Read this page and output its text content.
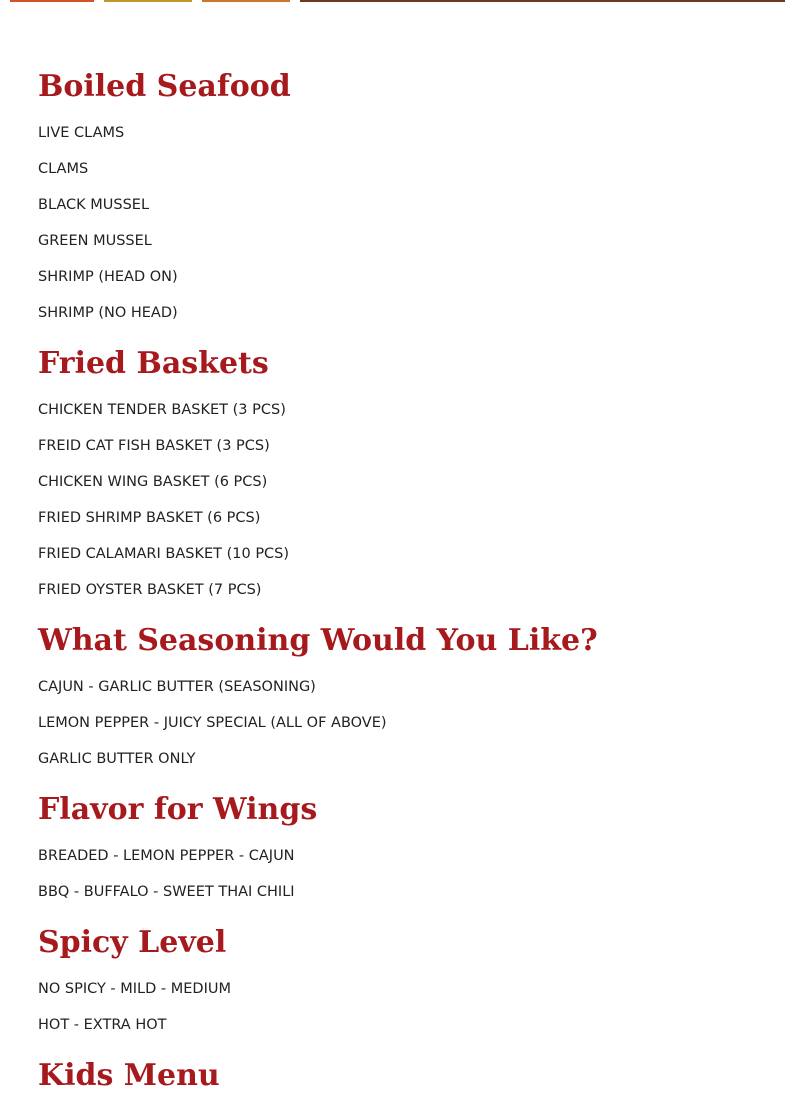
Boiled Seafood
LIVE CLAMS
CLAMS
BLACK MUSSEL
GREEN MUSSEL
SHRIMP (HEAD ON)
SHRIMP (NO HEAD)
Fried Baskets
CHICKEN TENDER BASKET (3 PCS)
FREID CAT FISH BASKET (3 PCS)
CHICKEN WING BASKET (6 PCS)
FRIED SHRIMP BASKET (6 PCS)
FRIED CALAMARI BASKET (10 PCS)
FRIED OYSTER BASKET (7 PCS)
What Seasoning Would You Like?
CAJUN - GARLIC BUTTER (SEASONING)
LEMON PEPPER - JUICY SPECIAL (ALL OF ABOVE)
GARLIC BUTTER ONLY
Flavor for Wings
BREADED - LEMON PEPPER - CAJUN
BBQ - BUFFALO - SWEET THAI CHILI
Spicy Level
NO SPICY - MILD - MEDIUM
HOT - EXTRA HOT
Kids Menu
